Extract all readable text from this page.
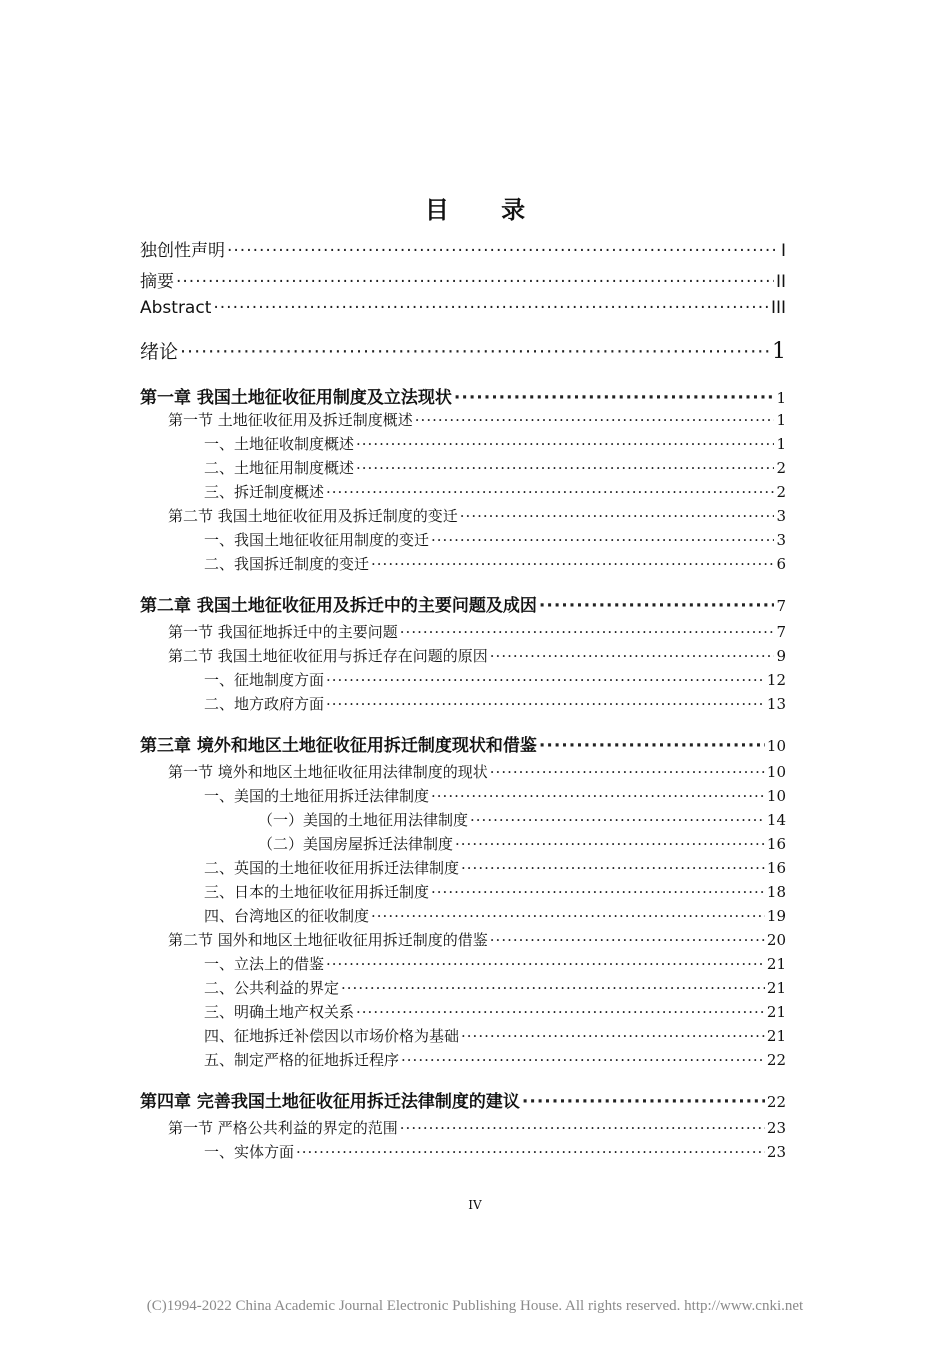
目 录
独创性声明 ·····	I
摘要 ·····	II
Abstract ·····	III
绪论 ·····	1
第一章 我国土地征收征用制度及立法现状 ·····	1
第一节 土地征收征用及拆迁制度概述 ·····	1
一、土地征收制度概述 ·····	1
二、土地征用制度概述 ·····	2
三、拆迁制度概述 ·····	2
第二节 我国土地征收征用及拆迁制度的变迁 ·····	3
一、我国土地征收征用制度的变迁 ·····	3
二、我国拆迁制度的变迁 ·····	6
第二章 我国土地征收征用及拆迁中的主要问题及成因 ·····	7
第一节 我国征地拆迁中的主要问题 ·····	7
第二节 我国土地征收征用与拆迁存在问题的原因 ·····	9
一、征地制度方面 ·····	12
二、地方政府方面 ·····	13
第三章 境外和地区土地征收征用拆迁制度现状和借鉴 ·····	10
第一节 境外和地区土地征收征用法律制度的现状 ·····	10
一、美国的土地征用拆迁法律制度 ·····	10
（一）美国的土地征用法律制度 ·····	14
（二）美国房屋拆迁法律制度 ·····	16
二、英国的土地征收征用拆迁法律制度 ·····	16
三、日本的土地征收征用拆迁制度 ·····	18
四、台湾地区的征收制度 ·····	19
第二节 国外和地区土地征收征用拆迁制度的借鉴 ·····	20
一、立法上的借鉴 ·····	21
二、公共利益的界定 ·····	21
三、明确土地产权关系 ·····	21
四、征地拆迁补偿因以市场价格为基础 ·····	21
五、制定严格的征地拆迁程序 ·····	22
第四章 完善我国土地征收征用拆迁法律制度的建议 ·····	22
第一节 严格公共利益的界定的范围 ·····	23
一、实体方面 ·····	23
IV
(C)1994-2022 China Academic Journal Electronic Publishing House. All rights reserved. http://www.cnki.net
